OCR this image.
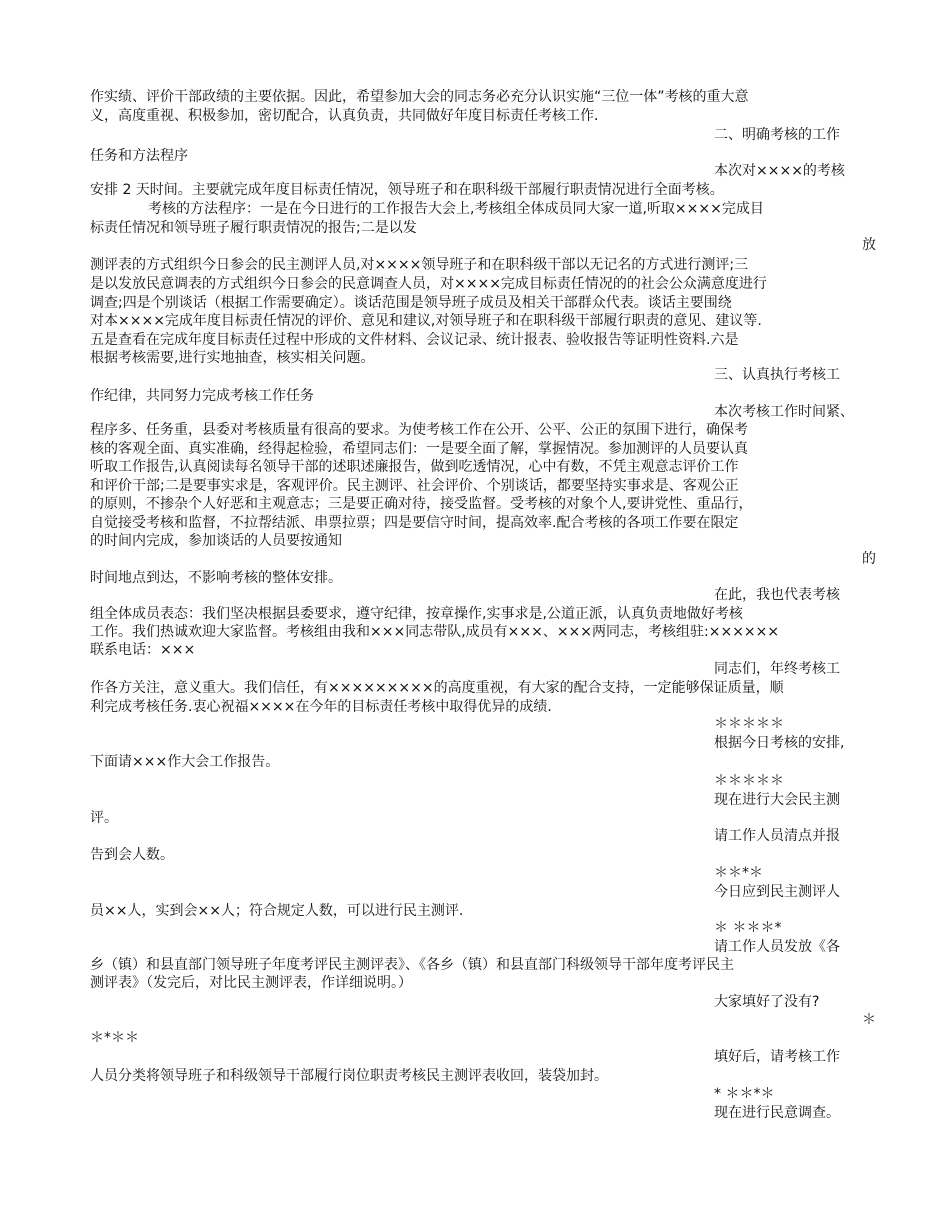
作实绩、评价干部政绩的主要依据。因此，希望参加大会的同志务必充分认识实施“三位一体”考核的重大意
义，高度重视、积极参加，密切配合，认真负责，共同做好年度目标责任考核工作．
二、明确考核的工作
任务和方法程序
本次对××××的考核
安排 2 天时间。主要就完成年度目标责任情况，领导班子和在职科级干部履行职责情况进行全面考核。
考核的方法程序：一是在今日进行的工作报告大会上,考核组全体成员同大家一道,听取××××完成目
标责任情况和领导班子履行职责情况的报告;二是以发
放
测评表的方式组织今日参会的民主测评人员,对××××领导班子和在职科级干部以无记名的方式进行测评;三
是以发放民意调表的方式组织今日参会的民意调查人员，对××××完成目标责任情况的的社会公众满意度进行
调查;四是个别谈话（根据工作需要确定）。谈话范围是领导班子成员及相关干部群众代表。谈话主要围绕
对本××××完成年度目标责任情况的评价、意见和建议,对领导班子和在职科级干部履行职责的意见、建议等.
五是查看在完成年度目标责任过程中形成的文件材料、会议记录、统计报表、验收报告等证明性资料.六是
根据考核需要,进行实地抽查，核实相关问题。
三、认真执行考核工
作纪律，共同努力完成考核工作任务
本次考核工作时间紧、
程序多、任务重，县委对考核质量有很高的要求。为使考核工作在公开、公平、公正的氛围下进行，确保考
核的客观全面、真实准确，经得起检验，希望同志们：一是要全面了解，掌握情况。参加测评的人员要认真
听取工作报告,认真阅读每名领导干部的述职述廉报告，做到吃透情况，心中有数，不凭主观意志评价工作
和评价干部;二是要事实求是，客观评价。民主测评、社会评价、个别谈话，都要坚持实事求是、客观公正
的原则，不掺杂个人好恶和主观意志；三是要正确对待，接受监督。受考核的对象个人,要讲党性、重品行，
自觉接受考核和监督，不拉帮结派、串票拉票；四是要信守时间，提高效率.配合考核的各项工作要在限定
的时间内完成，参加谈话的人员要按通知
的
时间地点到达，不影响考核的整体安排。
在此，我也代表考核
组全体成员表态：我们坚决根据县委要求，遵守纪律，按章操作,实事求是,公道正派，认真负责地做好考核
工作。我们热诚欢迎大家监督。考核组由我和×××同志带队,成员有×××、×××两同志，考核组驻:××××××
联系电话：×××
同志们，年终考核工
作各方关注，意义重大。我们信任，有×××××××××的高度重视，有大家的配合支持，一定能够保证质量，顺
利完成考核任务.衷心祝福××××在今年的目标责任考核中取得优异的成绩.
＊＊＊＊＊
根据今日考核的安排,
下面请×××作大会工作报告。
＊＊＊＊＊
现在进行大会民主测
评。
请工作人员清点并报
告到会人数。
＊＊*＊
今日应到民主测评人
员××人，实到会××人；符合规定人数，可以进行民主测评.
＊ ＊＊＊*
请工作人员发放《各
乡（镇）和县直部门领导班子年度考评民主测评表》、《各乡（镇）和县直部门科级领导干部年度考评民主
测评表》（发完后，对比民主测评表，作详细说明。）
大家填好了没有?
＊
＊*＊＊
填好后，请考核工作
人员分类将领导班子和科级领导干部履行岗位职责考核民主测评表收回，装袋加封。
* ＊＊*＊
现在进行民意调查。
